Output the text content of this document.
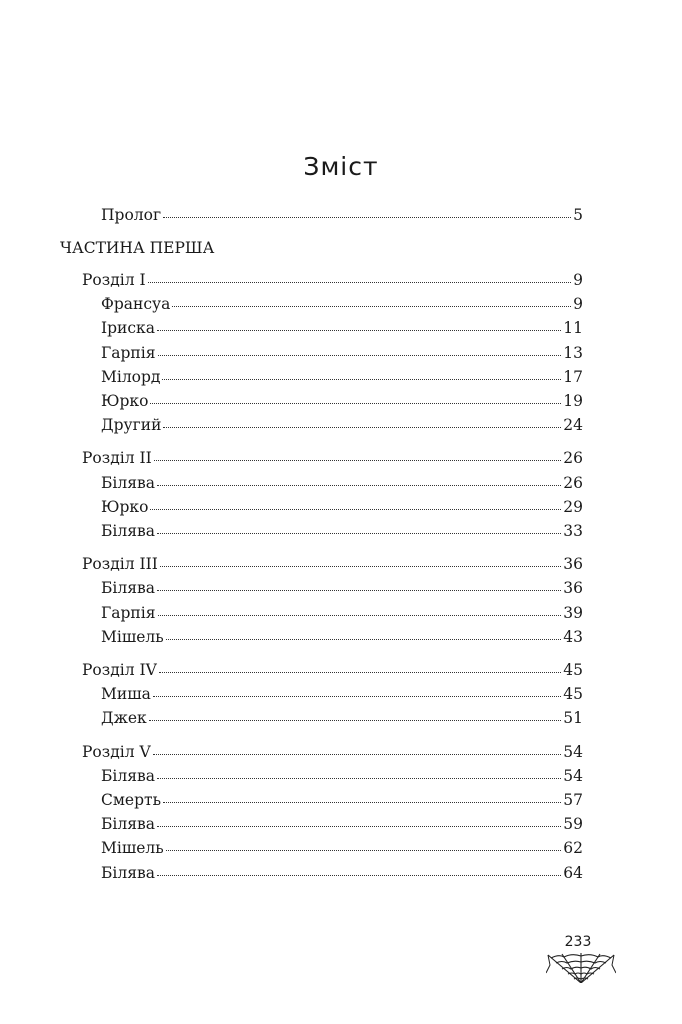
Зміст
Пролог	5
ЧАСТИНА ПЕРША
Розділ I	9
Франсуа	9
Іриска	11
Гарпія	13
Мілорд	17
Юрко	19
Другий	24
Розділ II	26
Білява	26
Юрко	29
Білява	33
Розділ III	36
Білява	36
Гарпія	39
Мішель	43
Розділ IV	45
Миша	45
Джек	51
Розділ V	54
Білява	54
Смерть	57
Білява	59
Мішель	62
Білява	64
233
